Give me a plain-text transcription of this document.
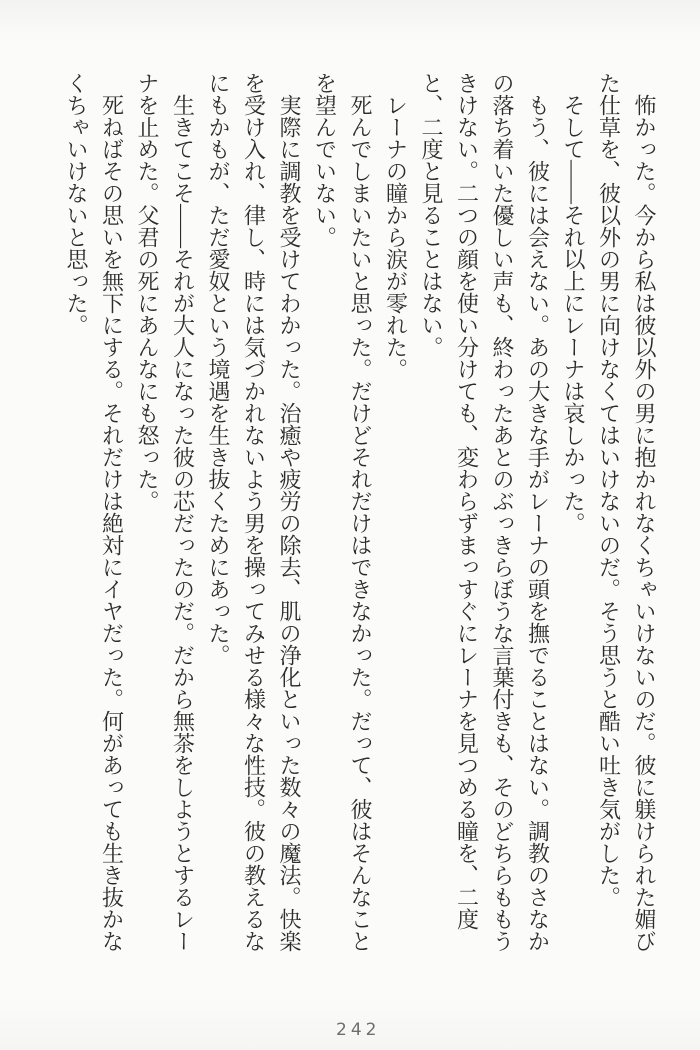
怖かった。今から私は彼以外の男に抱かれなくちゃいけないのだ。彼に躾けられた媚びた仕草を、彼以外の男に向けなくてはいけないのだ。そう思うと酷い吐き気がした。

そして――それ以上にレーナは哀しかった。

もう、彼には会えない。あの大きな手がレーナの頭を撫でることはない。調教のさなかの落ち着いた優しい声も、終わったあとのぶっきらぼうな言葉付きも、そのどちらももうきけない。二つの顔を使い分けても、変わらずまっすぐにレーナを見つめる瞳を、二度と、二度と見ることはない。

レーナの瞳から涙が零れた。

死んでしまいたいと思った。だけどそれだけはできなかった。だって、彼はそんなことを望んでいない。

実際に調教を受けてわかった。治癒や疲労の除去、肌の浄化といった数々の魔法。快楽を受け入れ、律し、時には気づかれないよう男を操ってみせる様々な性技。彼の教えるなにもかもが、ただ愛奴という境遇を生き抜くためにあった。

生きてこそ――それが大人になった彼の芯だったのだ。だから無茶をしようとするレーナを止めた。父君の死にあんなにも怒った。

死ねばその思いを無下にする。それだけは絶対にイヤだった。何があっても生き抜かなくちゃいけないと思った。

242
